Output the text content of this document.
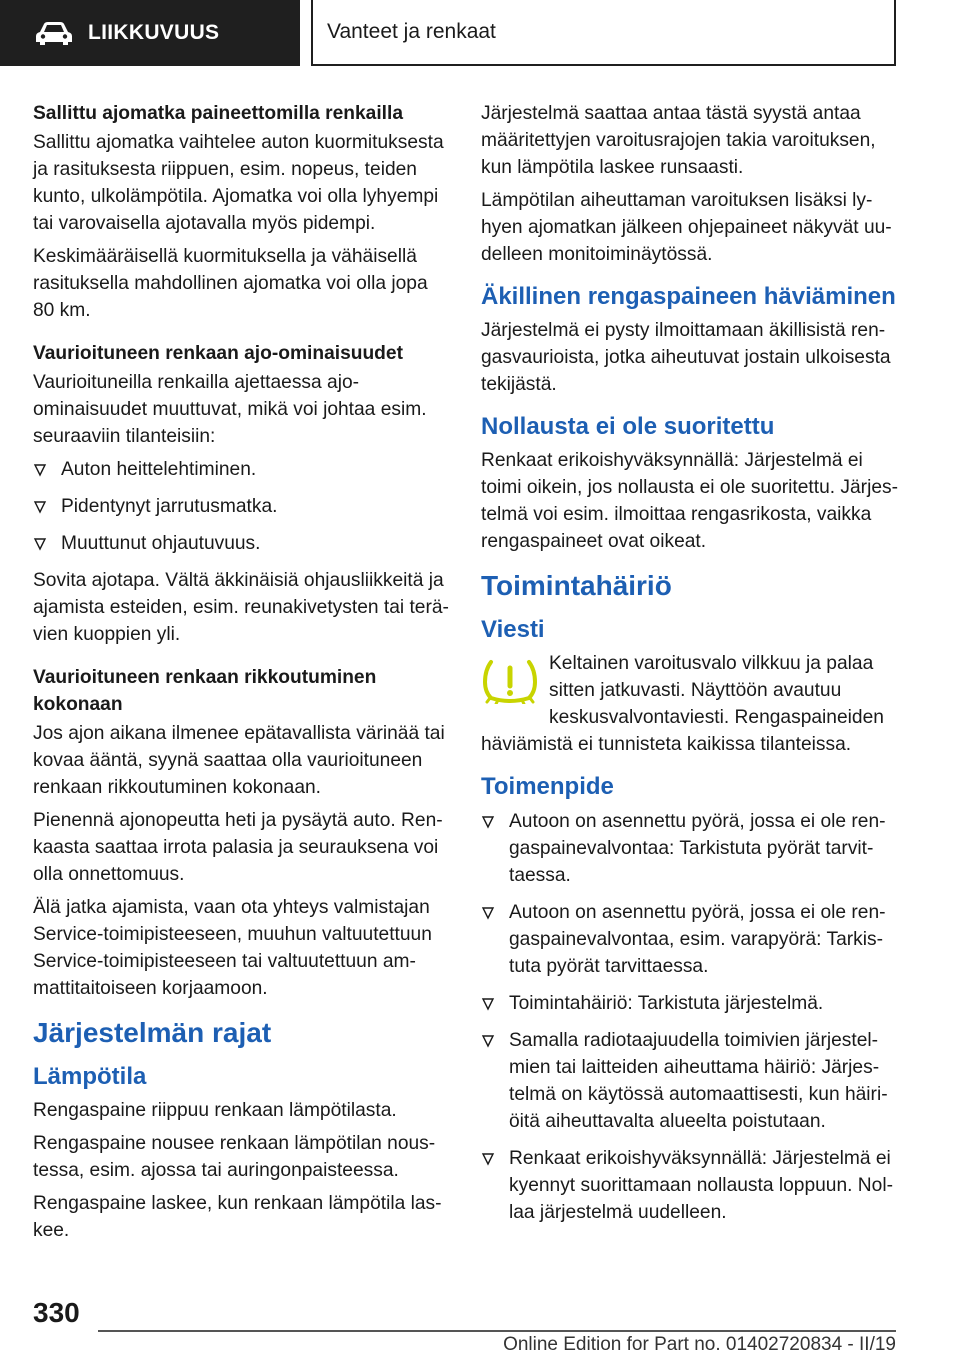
LIIKKUVUUS	Vanteet ja renkaat
Sallittu ajomatka paineettomilla renkailla

Sallittu ajomatka vaihtelee auton kuormituksesta ja rasituksesta riippuen, esim. nopeus, teiden kunto, ulkolämpötila. Ajomatka voi olla lyhyempi tai varovaisella ajotavalla myös pidempi.

Keskimääräisellä kuormituksella ja vähäisellä rasituksella mahdollinen ajomatka voi olla jopa 80 km.

Vaurioituneen renkaan ajo-ominaisuudet

Vaurioituneilla renkailla ajettaessa ajo-ominaisuudet muuttuvat, mikä voi johtaa esim. seuraaviin tilanteisiin:

Auton heittelehtiminen.
Pidentynyt jarrutusmatka.
Muuttunut ohjautuvuus.

Sovita ajotapa. Vältä äkkinäisiä ohjausliikkeitä ja ajamista esteiden, esim. reunakivetysten tai terävien kuoppien yli.

Vaurioituneen renkaan rikkoutuminen kokonaan

Jos ajon aikana ilmenee epätavallista värinää tai kovaa ääntä, syynä saattaa olla vaurioituneen renkaan rikkoutuminen kokonaan.

Pienennä ajonopeutta heti ja pysäytä auto. Renkaasta saattaa irrota palasia ja seurauksena voi olla onnettomuus.

Älä jatka ajamista, vaan ota yhteys valmistajan Service-toimipisteeseen, muuhun valtuutettuun Service-toimipisteeseen tai valtuutettuun ammattitaitoiseen korjaamoon.

Järjestelmän rajat
Lämpötila

Rengaspaine riippuu renkaan lämpötilasta.

Rengaspaine nousee renkaan lämpötilan noustessa, esim. ajossa tai auringonpaisteessa.

Rengaspaine laskee, kun renkaan lämpötila laskee.

Järjestelmä saattaa antaa tästä syystä antaa määritettyjen varoitusrajojen takia varoituksen, kun lämpötila laskee runsaasti.

Lämpötilan aiheuttaman varoituksen lisäksi lyhyen ajomatkan jälkeen ohjepaineet näkyvät uudelleen monitoiminäytössä.

Äkillinen rengaspaineen häviäminen

Järjestelmä ei pysty ilmoittamaan äkillisistä rengasvaurioista, jotka aiheutuvat jostain ulkoisesta tekijästä.

Nollausta ei ole suoritettu

Renkaat erikoishyväksynnällä: Järjestelmä ei toimi oikein, jos nollausta ei ole suoritettu. Järjestelmä voi esim. ilmoittaa rengasrikosta, vaikka rengaspaineet ovat oikeat.

Toimintahäiriö
Viesti
Keltainen varoitusvalo vilkkuu ja palaa sitten jatkuvasti. Näyttöön avautuu keskusvalvontaviesti. Rengaspaineiden häviämistä ei tunnisteta kaikissa tilanteissa.
Toimenpide
Autoon on asennettu pyörä, jossa ei ole rengaspainevalvontaa: Tarkistuta pyörät tarvittaessa.
Autoon on asennettu pyörä, jossa ei ole rengaspainevalvontaa, esim. varapyörä: Tarkistuta pyörät tarvittaessa.
Toimintahäiriö: Tarkistuta järjestelmä.
Samalla radiotaajuudella toimivien järjestelmien tai laitteiden aiheuttama häiriö: Järjestelmä on käytössä automaattisesti, kun häiriöitä aiheuttavalta alueelta poistutaan.
Renkaat erikoishyväksynnällä: Järjestelmä ei kyennyt suorittamaan nollausta loppuun. Nollaa järjestelmä uudelleen.
330
Online Edition for Part no. 01402720834 - II/19
